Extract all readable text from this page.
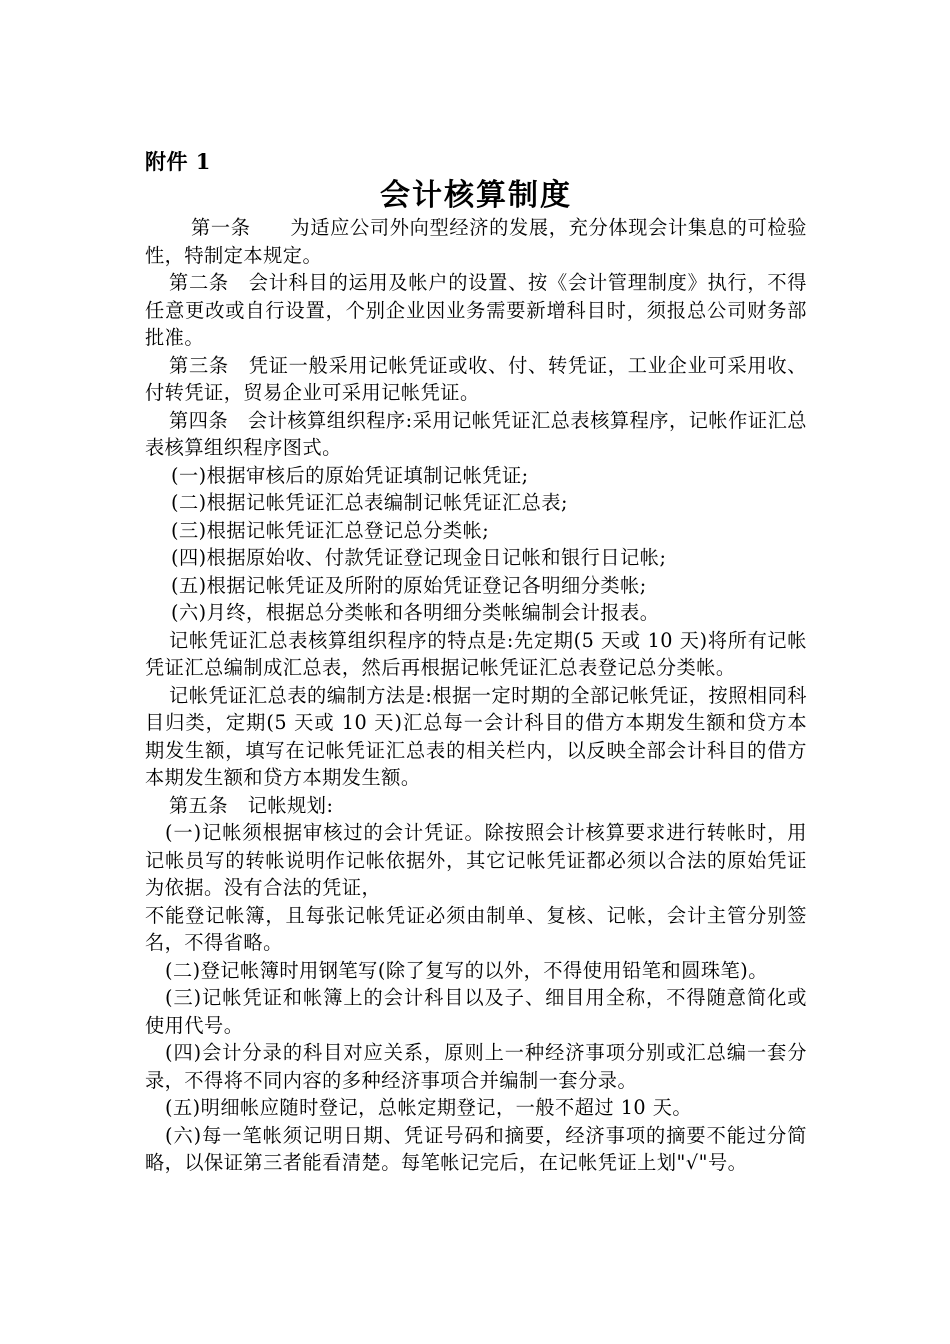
附件 1
会计核算制度

第一条　　为适应公司外向型经济的发展，充分体现会计集息的可检验性，特制定本规定。

第二条　会计科目的运用及帐户的设置、按《会计管理制度》执行，不得任意更改或自行设置，个别企业因业务需要新增科目时，须报总公司财务部批准。

第三条　凭证一般采用记帐凭证或收、付、转凭证，工业企业可采用收、付转凭证，贸易企业可采用记帐凭证。

第四条　会计核算组织程序:采用记帐凭证汇总表核算程序，记帐作证汇总表核算组织程序图式。

(一)根据审核后的原始凭证填制记帐凭证;

(二)根据记帐凭证汇总表编制记帐凭证汇总表;

(三)根据记帐凭证汇总登记总分类帐;

(四)根据原始收、付款凭证登记现金日记帐和银行日记帐;

(五)根据记帐凭证及所附的原始凭证登记各明细分类帐;

(六)月终，根据总分类帐和各明细分类帐编制会计报表。

记帐凭证汇总表核算组织程序的特点是:先定期(5 天或 10 天)将所有记帐凭证汇总编制成汇总表，然后再根据记帐凭证汇总表登记总分类帐。

记帐凭证汇总表的编制方法是:根据一定时期的全部记帐凭证，按照相同科目归类，定期(5 天或 10 天)汇总每一会计科目的借方本期发生额和贷方本期发生额，填写在记帐凭证汇总表的相关栏内，以反映全部会计科目的借方本期发生额和贷方本期发生额。

第五条　记帐规划:

(一)记帐须根据审核过的会计凭证。除按照会计核算要求进行转帐时，用记帐员写的转帐说明作记帐依据外，其它记帐凭证都必须以合法的原始凭证为依据。没有合法的凭证，

不能登记帐簿，且每张记帐凭证必须由制单、复核、记帐，会计主管分别签名，不得省略。

(二)登记帐簿时用钢笔写(除了复写的以外，不得使用铅笔和圆珠笔)。

(三)记帐凭证和帐簿上的会计科目以及子、细目用全称，不得随意简化或使用代号。

(四)会计分录的科目对应关系，原则上一种经济事项分别或汇总编一套分录，不得将不同内容的多种经济事项合并编制一套分录。

(五)明细帐应随时登记，总帐定期登记，一般不超过 10 天。

(六)每一笔帐须记明日期、凭证号码和摘要，经济事项的摘要不能过分简略，以保证第三者能看清楚。每笔帐记完后，在记帐凭证上划"√"号。
